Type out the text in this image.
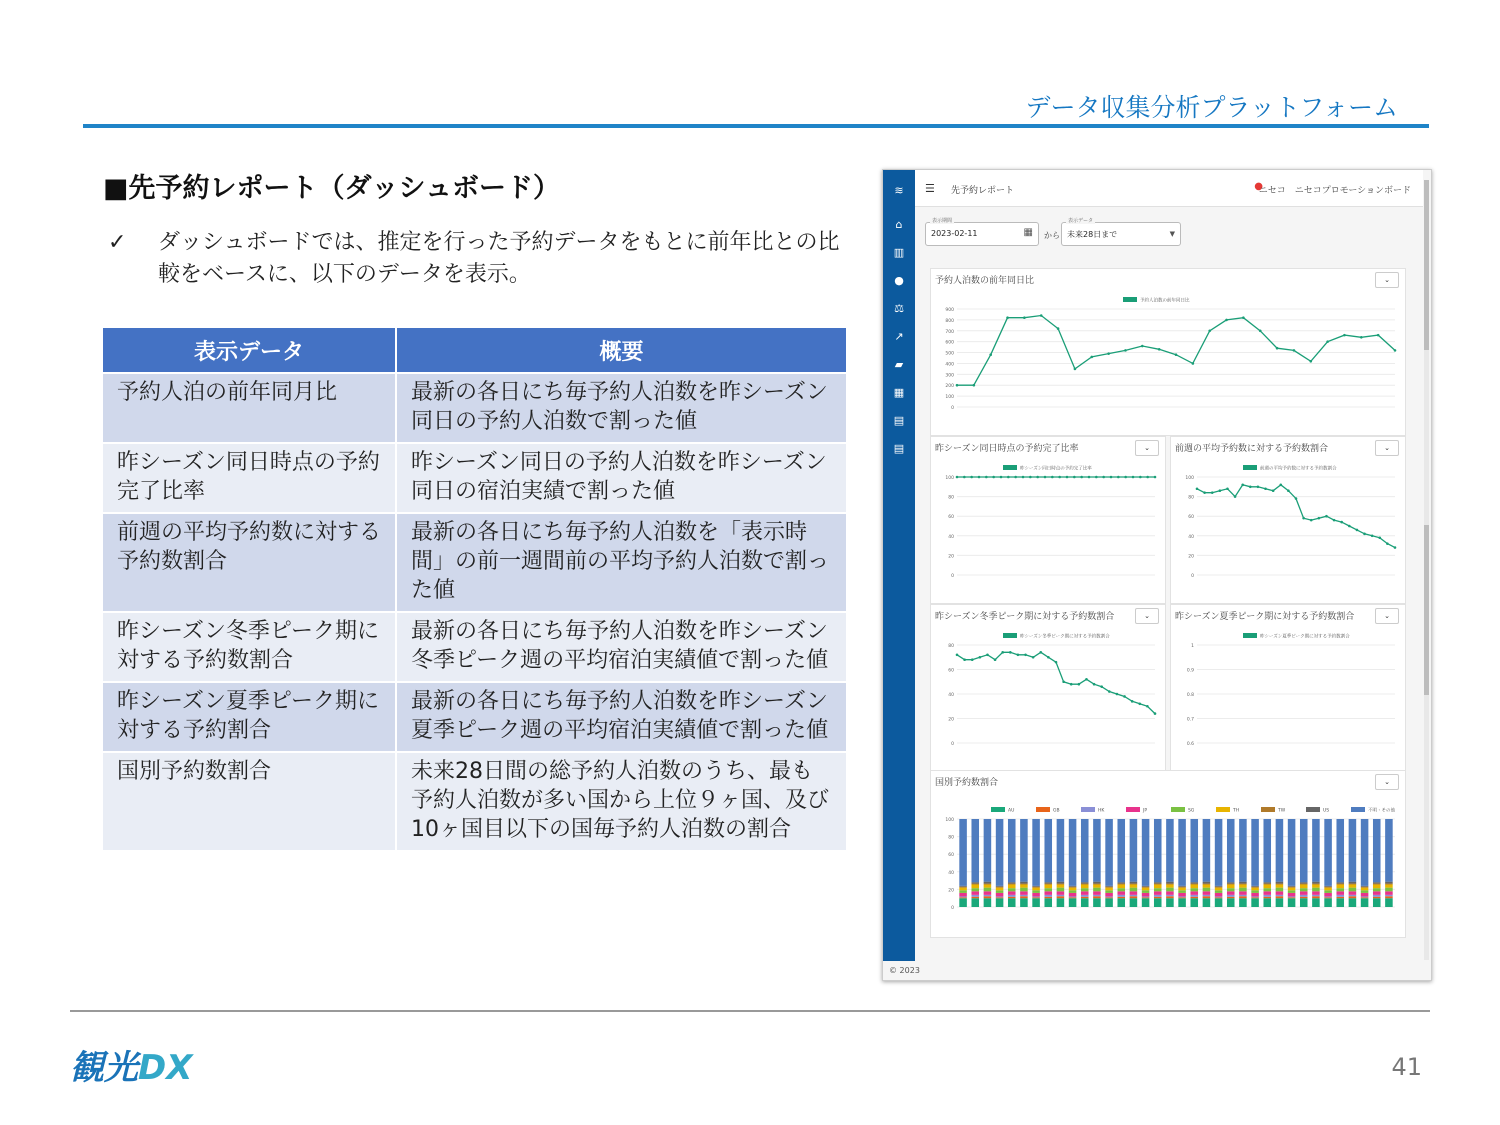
データ収集分析プラットフォーム
■先予約レポート（ダッシュボード）
✓ ダッシュボードでは、推定を行った予約データをもとに前年比との比較をベースに、以下のデータを表示。
表示データ	概要
予約人泊の前年同月比	最新の各日にち毎予約人泊数を昨シーズン同日の予約人泊数で割った値
昨シーズン同日時点の予約完了比率	昨シーズン同日の予約人泊数を昨シーズン同日の宿泊実績で割った値
前週の平均予約数に対する予約数割合	最新の各日にち毎予約人泊数を「表示時間」の前一週間前の平均予約人泊数で割った値
昨シーズン冬季ピーク期に対する予約数割合	最新の各日にち毎予約人泊数を昨シーズン冬季ピーク週の平均宿泊実績値で割った値
昨シーズン夏季ピーク期に対する予約割合	最新の各日にち毎予約人泊数を昨シーズン夏季ピーク週の平均宿泊実績値で割った値
国別予約数割合	未来28日間の総予約人泊数のうち、最も予約人泊数が多い国から上位９ヶ国、及び10ヶ国目以下の国毎予約人泊数の割合
≋
⌂
▥
●
⚖
↗
▰
▦
▤
▤
☰ 先予約レポート	●
ニセコ　ニセコプロモーションボード
表示期間
2023-02-11	▦ から
表示データ
未来28日まで	▼
予約人泊数の前年同日比	⌄
0
100
200
300
400
500
600
700
800
900
予約人泊数の前年同日比
昨シーズン同日時点の予約完了比率	⌄
0
20
40
60
80
100
昨シーズン同日時点の予約完了比率
前週の平均予約数に対する予約数割合	⌄
0
20
40
60
80
100
前週の平均予約数に対する予約数割合
昨シーズン冬季ピーク期に対する予約数割合	⌄
0
20
40
60
80
昨シーズン冬季ピーク期に対する予約数割合
昨シーズン夏季ピーク期に対する予約数割合	⌄
0.6
0.7
0.8
0.9
1
昨シーズン夏季ピーク期に対する予約数割合
国別予約数割合	⌄
0
20
40
60
80
100
AU	GB	HK	JP	SG	TH	TW	US	不明・その他
© 2023
観光DX	41
